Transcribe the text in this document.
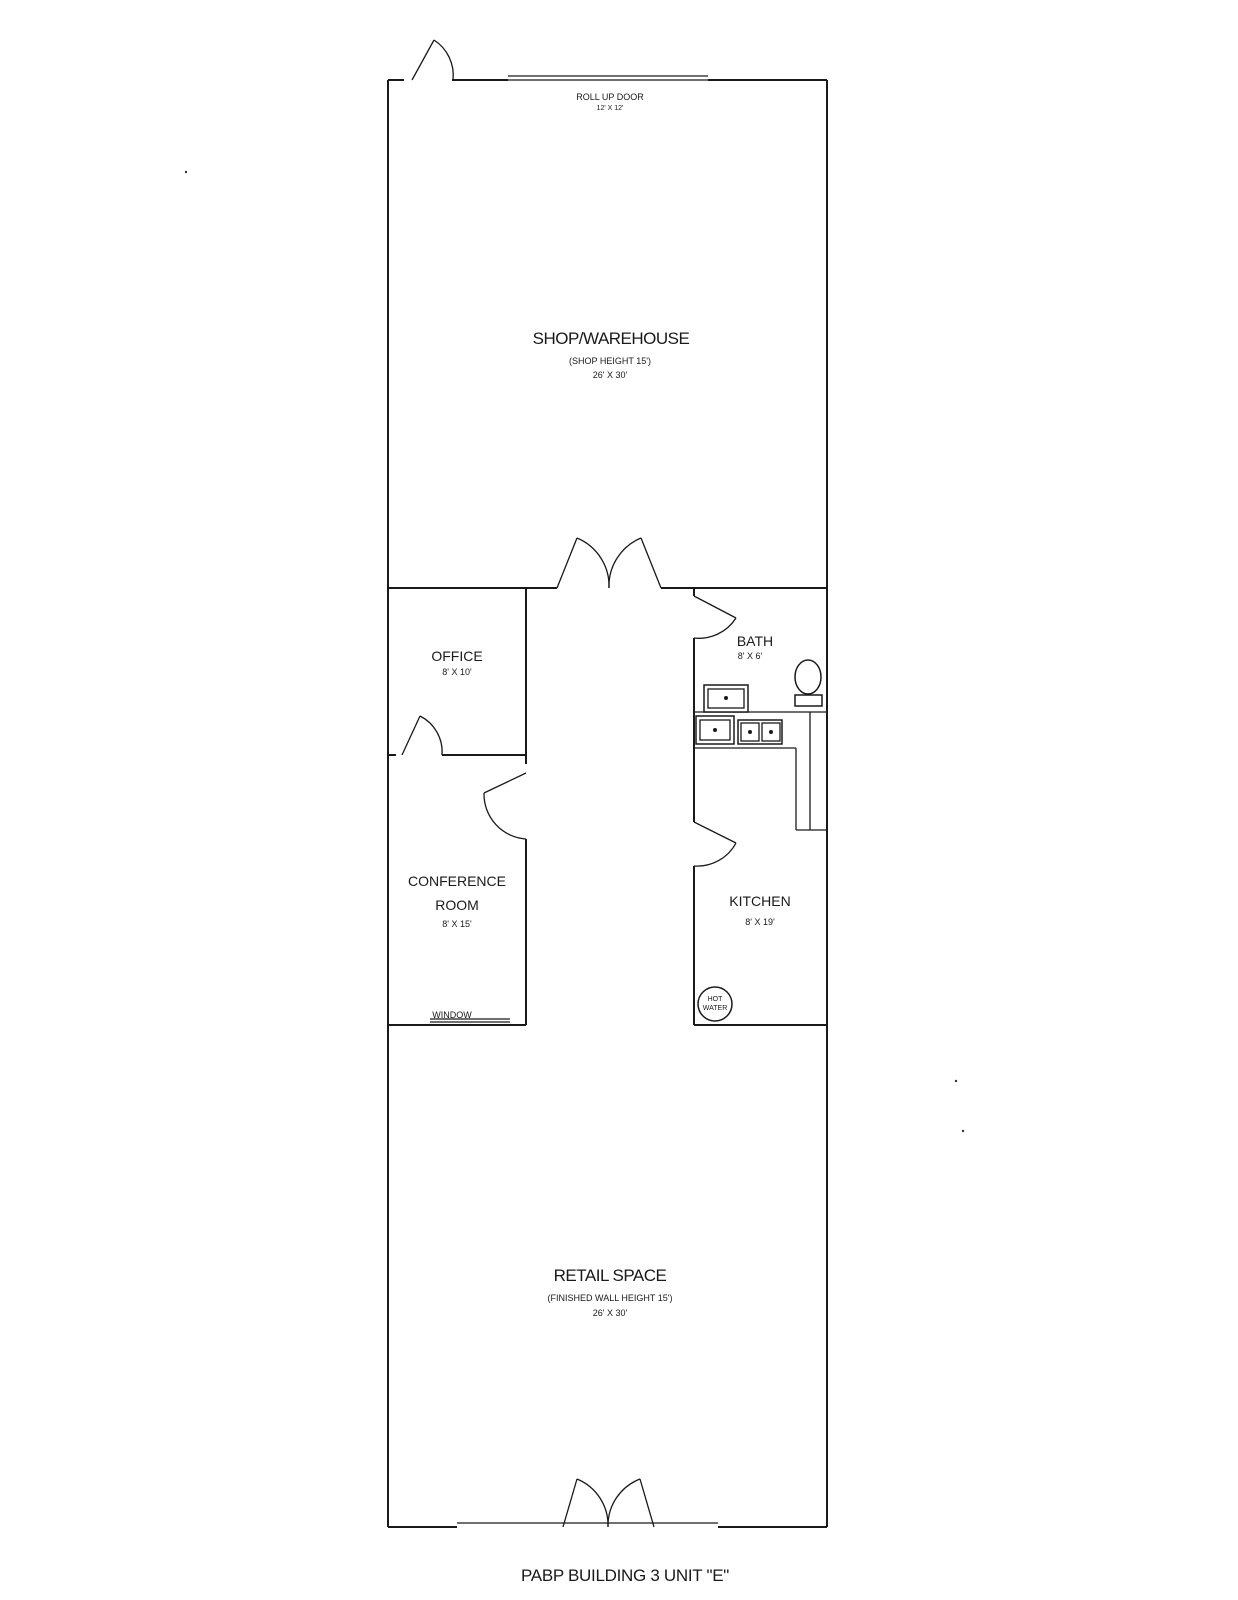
HOT
WATER
ROLL UP DOOR
12' X 12'
SHOP/WAREHOUSE
(SHOP HEIGHT 15')
26' X 30'
OFFICE
8' X 10'
CONFERENCE
ROOM
8' X 15'
WINDOW
BATH
8' X 6'
KITCHEN
8' X 19'
RETAIL SPACE
(FINISHED WALL HEIGHT 15')
26' X 30'
PABP BUILDING 3 UNIT "E"
